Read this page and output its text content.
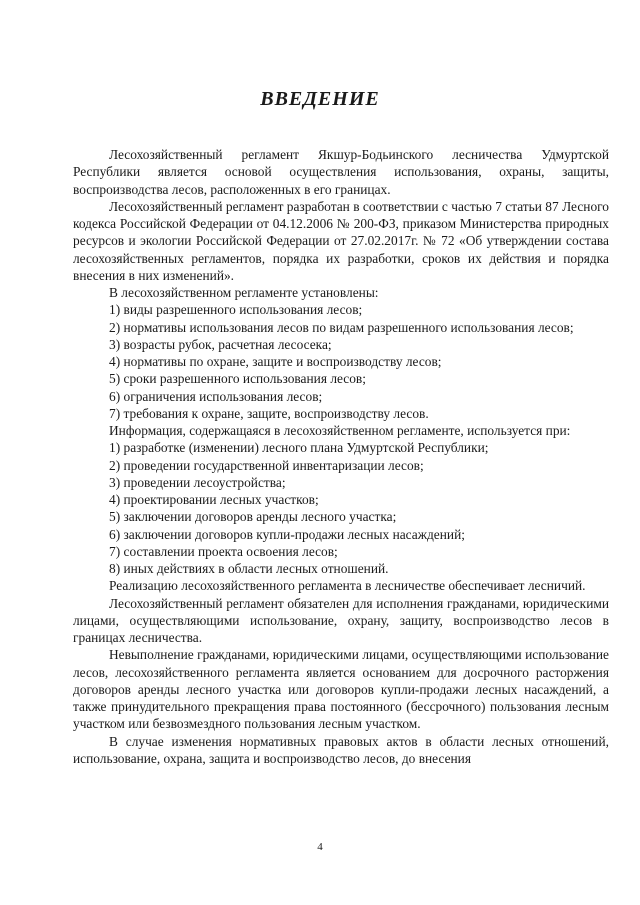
ВВЕДЕНИЕ

Лесохозяйственный регламент Якшур-Бодьинского лесничества Удмуртской Республики является основой осуществления использования, охраны, защиты, воспроизводства лесов, расположенных в его границах.

Лесохозяйственный регламент разработан в соответствии с частью 7 статьи 87 Лесного кодекса Российской Федерации от 04.12.2006 № 200-ФЗ, приказом Министерства природных ресурсов и экологии Российской Федерации от 27.02.2017г. № 72 «Об утверждении состава лесохозяйственных регламентов, порядка их разработки, сроков их действия и порядка внесения в них изменений».

В лесохозяйственном регламенте установлены:

1) виды разрешенного использования лесов;

2) нормативы использования лесов по видам разрешенного использования лесов;

3) возрасты рубок, расчетная лесосека;

4) нормативы по охране, защите и воспроизводству лесов;

5) сроки разрешенного использования лесов;

6) ограничения использования лесов;

7) требования к охране, защите, воспроизводству лесов.

Информация, содержащаяся в лесохозяйственном регламенте, используется при:

1) разработке (изменении) лесного плана Удмуртской Республики;

2) проведении государственной инвентаризации лесов;

3) проведении лесоустройства;

4) проектировании лесных участков;

5) заключении договоров аренды лесного участка;

6) заключении договоров купли-продажи лесных насаждений;

7) составлении проекта освоения лесов;

8) иных действиях в области лесных отношений.

Реализацию лесохозяйственного регламента в лесничестве обеспечивает лесничий.

Лесохозяйственный регламент обязателен для исполнения гражданами, юридическими лицами, осуществляющими использование, охрану, защиту, воспроизводство лесов в границах лесничества.

Невыполнение гражданами, юридическими лицами, осуществляющими использование лесов, лесохозяйственного регламента является основанием для досрочного расторжения договоров аренды лесного участка или договоров купли-продажи лесных насаждений, а также принудительного прекращения права постоянного (бессрочного) пользования лесным участком или безвозмездного пользования лесным участком.

В случае изменения нормативных правовых актов в области лесных отношений, использование, охрана, защита и воспроизводство лесов, до внесения

4
